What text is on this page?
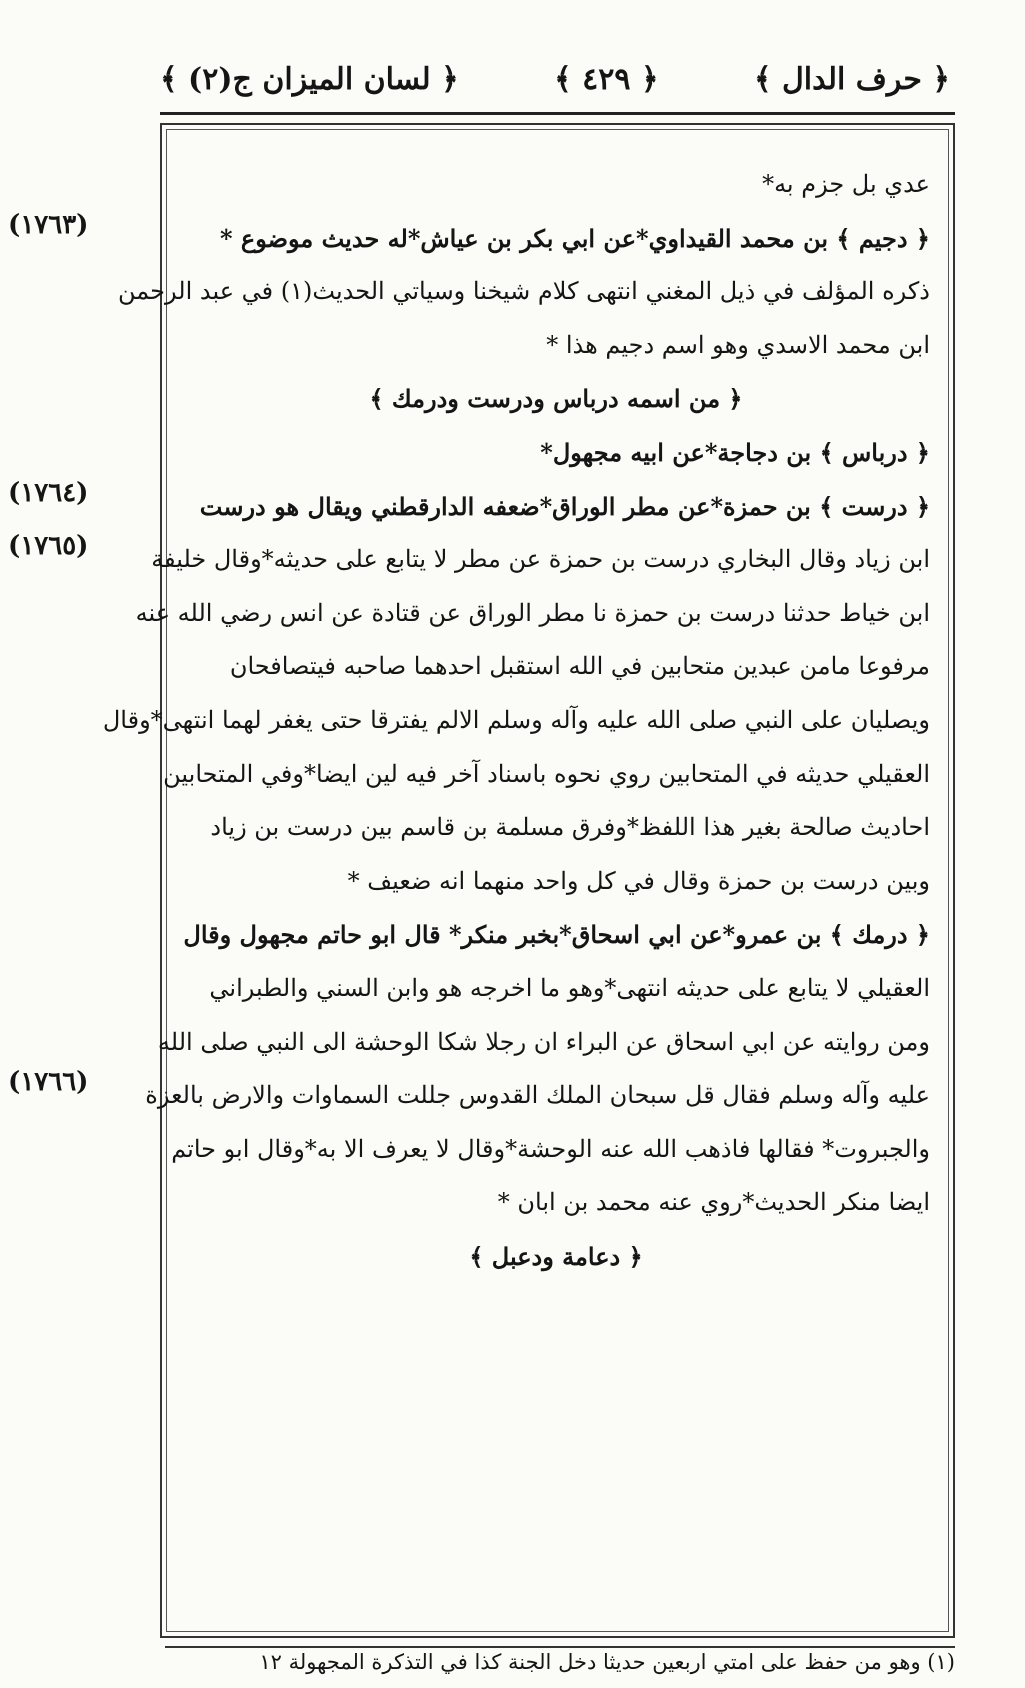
﴿ حرف الدال ﴾
﴿ ٤٢٩ ﴾
﴿ لسان الميزان ج(٢) ﴾
(١٧٦٣)
(١٧٦٤)
(١٧٦٥)
(١٧٦٦)
عدي بل جزم به*
﴿ دجيم ﴾ بن محمد القيداوي*عن ابي بكر بن عياش*له حديث موضوع *
ذكره المؤلف في ذيل المغني انتهى كلام شيخنا وسياتي الحديث(١) في عبد الرحمن
ابن محمد الاسدي وهو اسم دجيم هذا *
﴿ من اسمه درباس ودرست ودرمك ﴾
﴿ درباس ﴾ بن دجاجة*عن ابيه مجهول*
﴿ درست ﴾ بن حمزة*عن مطر الوراق*ضعفه الدارقطني ويقال هو درست
ابن زياد وقال البخاري درست بن حمزة عن مطر لا يتابع على حديثه*وقال خليفة
ابن خياط حدثنا درست بن حمزة نا مطر الوراق عن قتادة عن انس رضي الله عنه
مرفوعا مامن عبدين متحابين في الله استقبل احدهما صاحبه فيتصافحان
ويصليان على النبي صلى الله عليه وآله وسلم الالم يفترقا حتى يغفر لهما انتهى*وقال
العقيلي حديثه في المتحابين روي نحوه باسناد آخر فيه لين ايضا*وفي المتحابين
احاديث صالحة بغير هذا اللفظ*وفرق مسلمة بن قاسم بين درست بن زياد
وبين درست بن حمزة وقال في كل واحد منهما انه ضعيف *
﴿ درمك ﴾ بن عمرو*عن ابي اسحاق*بخبر منكر* قال ابو حاتم مجهول وقال
العقيلي لا يتابع على حديثه انتهى*وهو ما اخرجه هو وابن السني والطبراني
ومن روايته عن ابي اسحاق عن البراء ان رجلا شكا الوحشة الى النبي صلى الله
عليه وآله وسلم فقال قل سبحان الملك القدوس جللت السماوات والارض بالعزة
والجبروت* فقالها فاذهب الله عنه الوحشة*وقال لا يعرف الا به*وقال ابو حاتم
ايضا منكر الحديث*روي عنه محمد بن ابان *
﴿ دعامة ودعبل ﴾
(١) وهو من حفظ على امتي اربعين حديثا دخل الجنة كذا في التذكرة المجهولة ١٢
